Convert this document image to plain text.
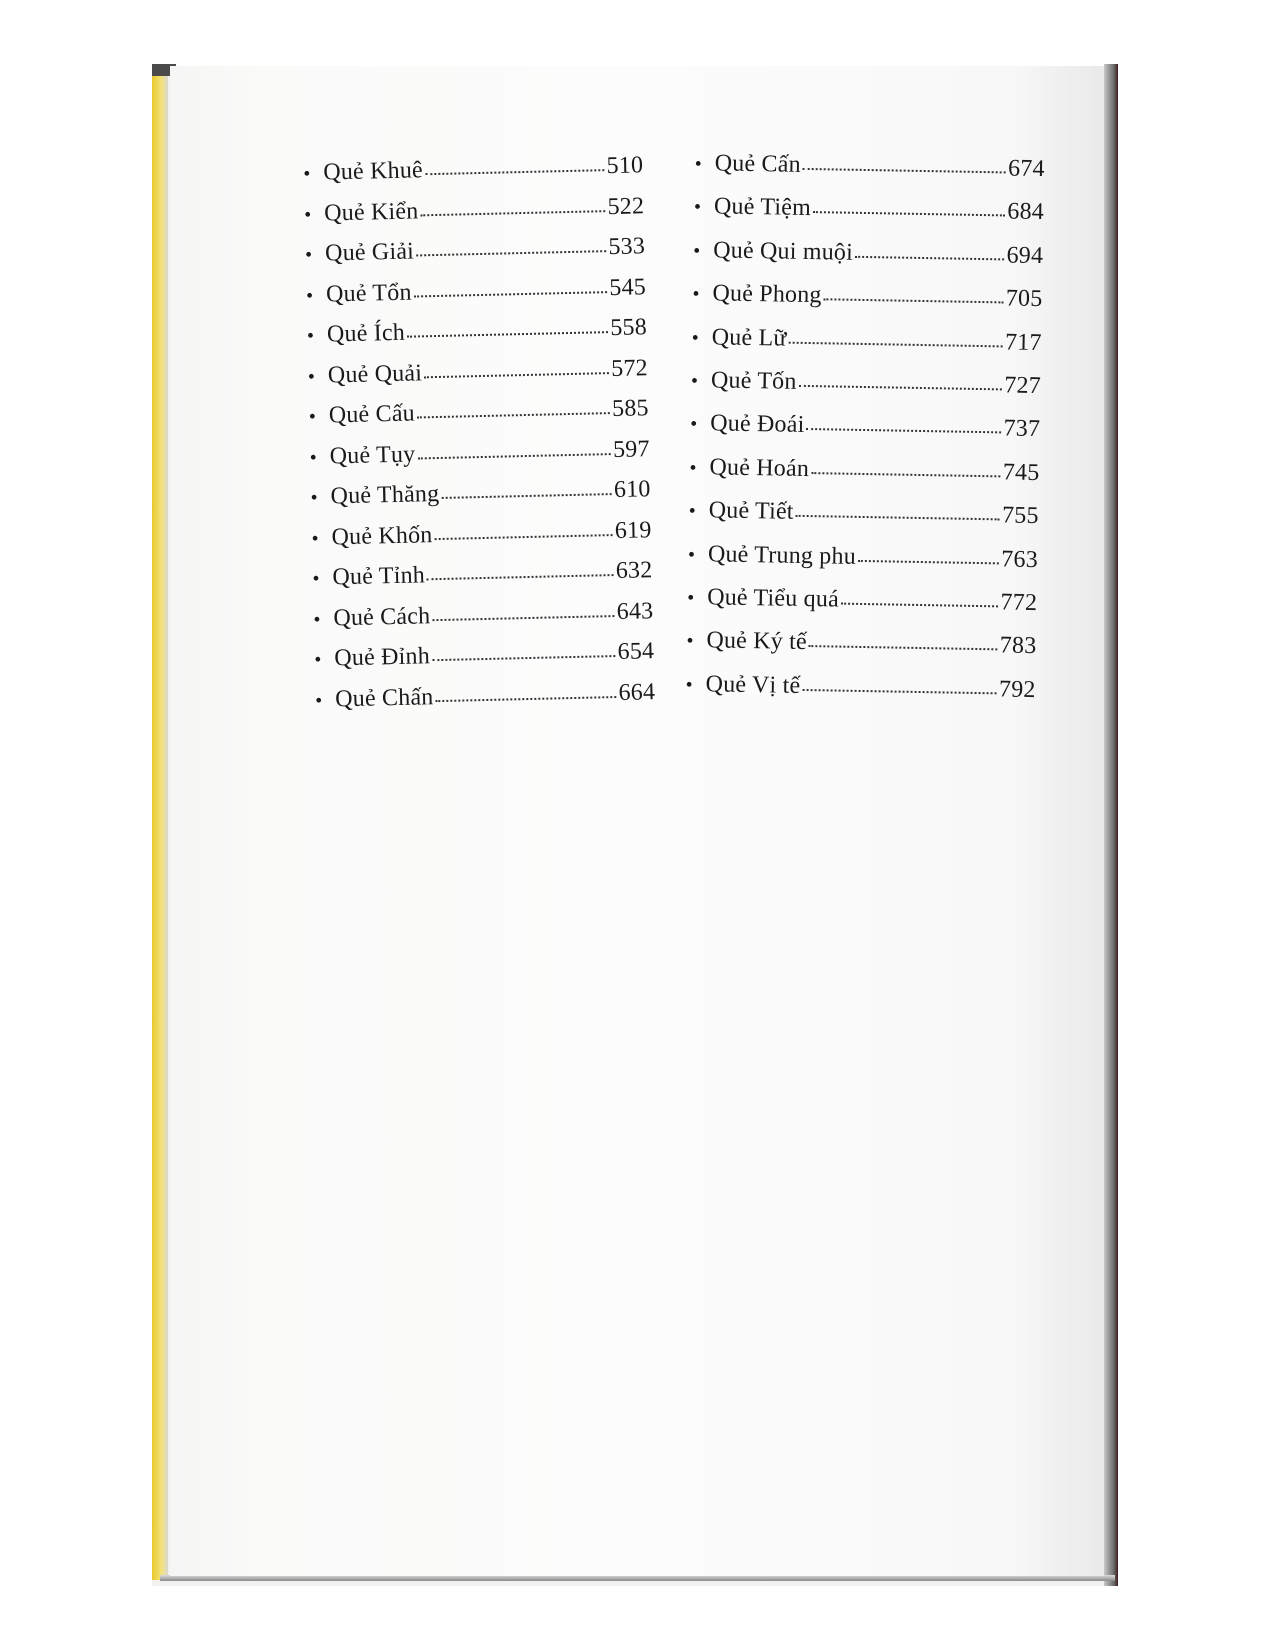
• Quẻ Khuê	510
• Quẻ Kiển	522
• Quẻ Giải	533
• Quẻ Tổn	545
• Quẻ Ích	558
• Quẻ Quải	572
• Quẻ Cấu	585
• Quẻ Tụy	597
• Quẻ Thăng	610
• Quẻ Khốn	619
• Quẻ Tỉnh	632
• Quẻ Cách	643
• Quẻ Đỉnh	654
• Quẻ Chấn	664
• Quẻ Cấn	674
• Quẻ Tiệm	684
• Quẻ Qui muội	694
• Quẻ Phong	705
• Quẻ Lữ	717
• Quẻ Tốn	727
• Quẻ Đoái	737
• Quẻ Hoán	745
• Quẻ Tiết	755
• Quẻ Trung phu	763
• Quẻ Tiểu quá	772
• Quẻ Ký tế	783
• Quẻ Vị tế	792
